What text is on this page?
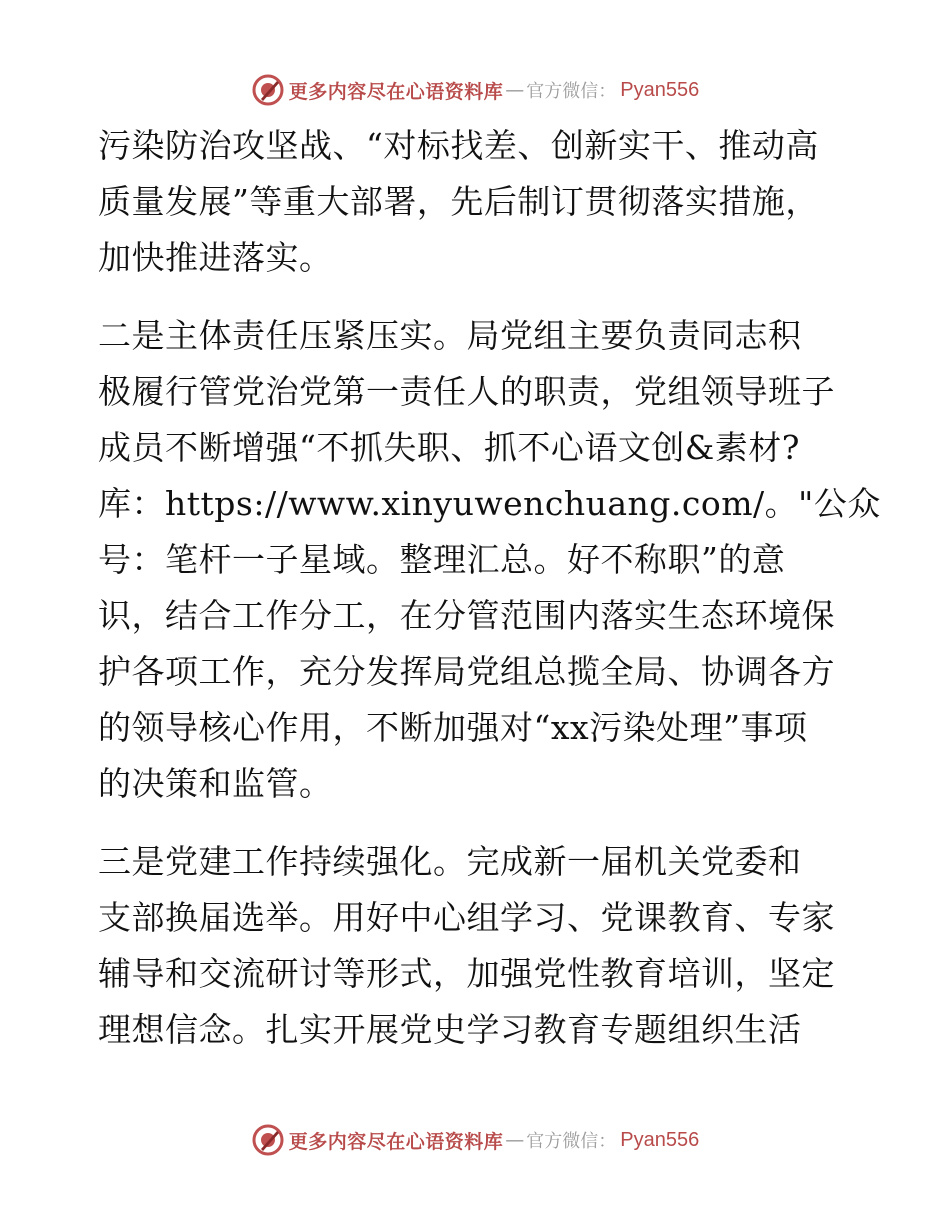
更多内容尽在心语资料库 — 官方微信： Pyan556
污染防治攻坚战、“对标找差、创新实干、推动高
质量发展”等重大部署，先后制订贯彻落实措施，
加快推进落实。
二是主体责任压紧压实。局党组主要负责同志积
极履行管党治党第一责任人的职责，党组领导班子
成员不断增强“不抓失职、抓不心语文创&素材?
库：https://www.xinyuwenchuang.com/。"公众
号：笔杆一子星域。整理汇总。好不称职”的意
识，结合工作分工，在分管范围内落实生态环境保
护各项工作，充分发挥局党组总揽全局、协调各方
的领导核心作用，不断加强对“xx污染处理”事项
的决策和监管。
三是党建工作持续强化。完成新一届机关党委和
支部换届选举。用好中心组学习、党课教育、专家
辅导和交流研讨等形式，加强党性教育培训，坚定
理想信念。扎实开展党史学习教育专题组织生活
更多内容尽在心语资料库 — 官方微信： Pyan556
